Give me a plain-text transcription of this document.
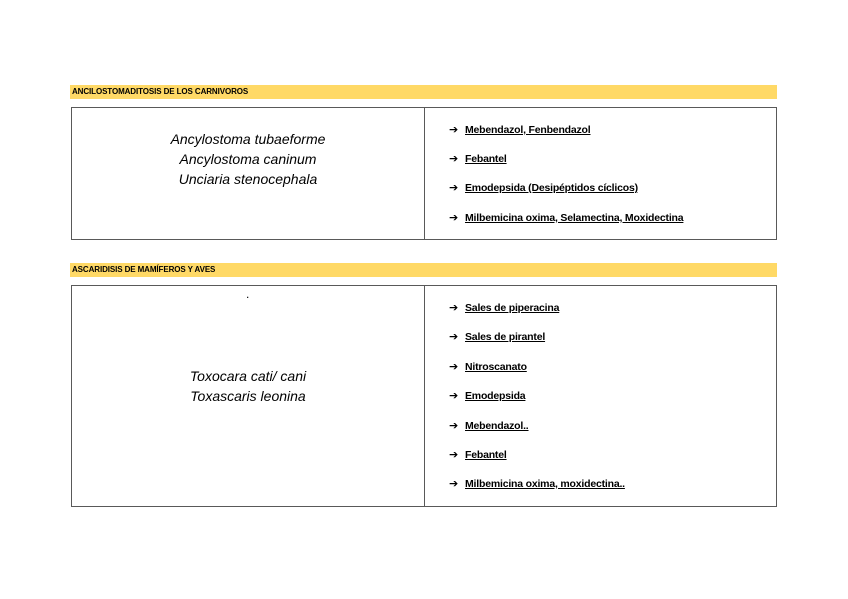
ANCILOSTOMADITOSIS DE LOS CARNIVOROS
Ancylostoma tubaeforme
Ancylostoma caninum
Unciaria stenocephala
➔ Mebendazol, Fenbendazol
➔ Febantel
➔ Emodepsida (Desipéptidos cíclicos)
➔ Milbemicina oxima, Selamectina, Moxidectina
ASCARIDISIS DE MAMÍFEROS Y AVES
.
Toxocara cati/ cani
Toxascaris leonina
➔ Sales de piperacina
➔ Sales de pirantel
➔ Nitroscanato
➔ Emodepsida
➔ Mebendazol..
➔ Febantel
➔ Milbemicina oxima, moxidectina..
